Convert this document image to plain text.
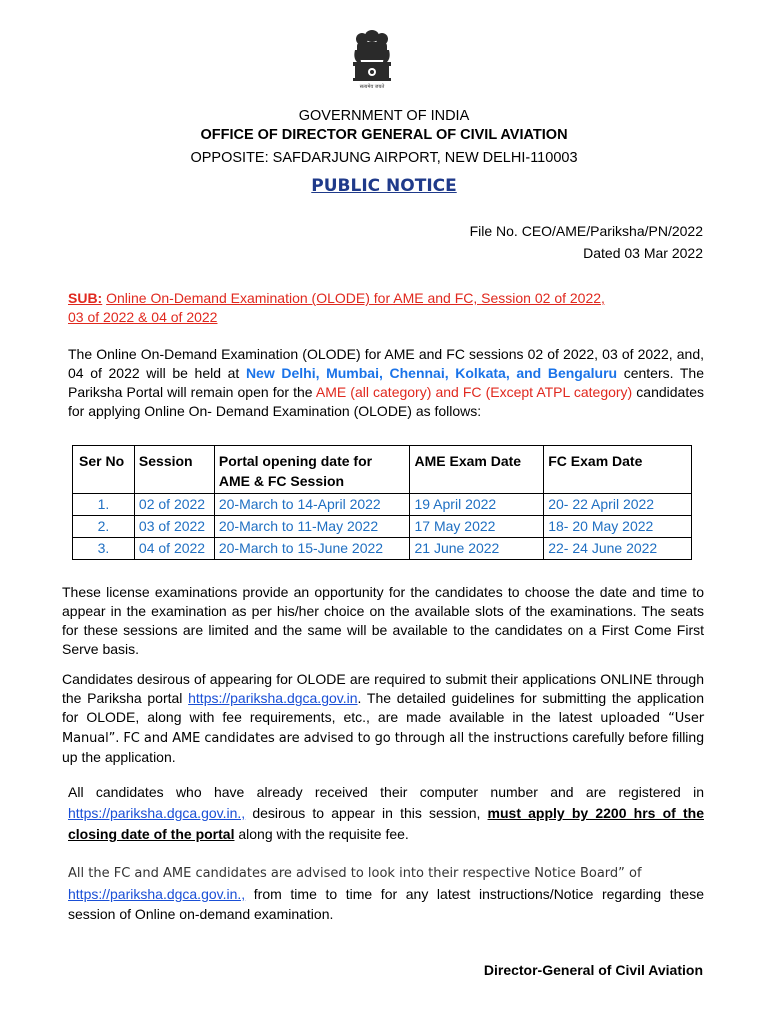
सत्यमेव जयते
GOVERNMENT OF INDIA
OFFICE OF DIRECTOR GENERAL OF CIVIL AVIATION
OPPOSITE: SAFDARJUNG AIRPORT, NEW DELHI-110003
PUBLIC NOTICE
File No. CEO/AME/Pariksha/PN/2022
Dated 03 Mar 2022
SUB: Online On-Demand Examination (OLODE) for AME and FC, Session 02 of 2022,
03 of 2022 & 04 of 2022
The Online On-Demand Examination (OLODE) for AME and FC sessions 02 of 2022, 03 of 2022, and, 04 of 2022 will be held at New Delhi, Mumbai, Chennai, Kolkata, and Bengaluru centers. The Pariksha Portal will remain open for the AME (all category) and FC (Except ATPL category) candidates for applying Online On- Demand Examination (OLODE) as follows:
Ser No	Session	Portal opening date for AME & FC Session	AME Exam Date	FC Exam Date
1.	02 of 2022	20-March to 14-April 2022	19 April 2022	20- 22 April 2022
2.	03 of 2022	20-March to 11-May 2022	17 May 2022	18- 20 May 2022
3.	04 of 2022	20-March to 15-June 2022	21 June 2022	22- 24 June 2022
These license examinations provide an opportunity for the candidates to choose the date and time to appear in the examination as per his/her choice on the available slots of the examinations. The seats for these sessions are limited and the same will be available to the candidates on a First Come First Serve basis.
Candidates desirous of appearing for OLODE are required to submit their applications ONLINE through the Pariksha portal https://pariksha.dgca.gov.in. The detailed guidelines for submitting the application for OLODE, along with fee requirements, etc., are made available in the latest uploaded “User Manual”. FC and AME candidates are advised to go through all the instructions carefully before filling up the application.
All candidates who have already received their computer number and are registered in https://pariksha.dgca.gov.in., desirous to appear in this session, must apply by 2200 hrs of the closing date of the portal along with the requisite fee.
All the FC and AME candidates are advised to look into their respective Notice Board” of
https://pariksha.dgca.gov.in., from time to time for any latest instructions/Notice regarding these session of Online on-demand examination.
Director-General of Civil Aviation
